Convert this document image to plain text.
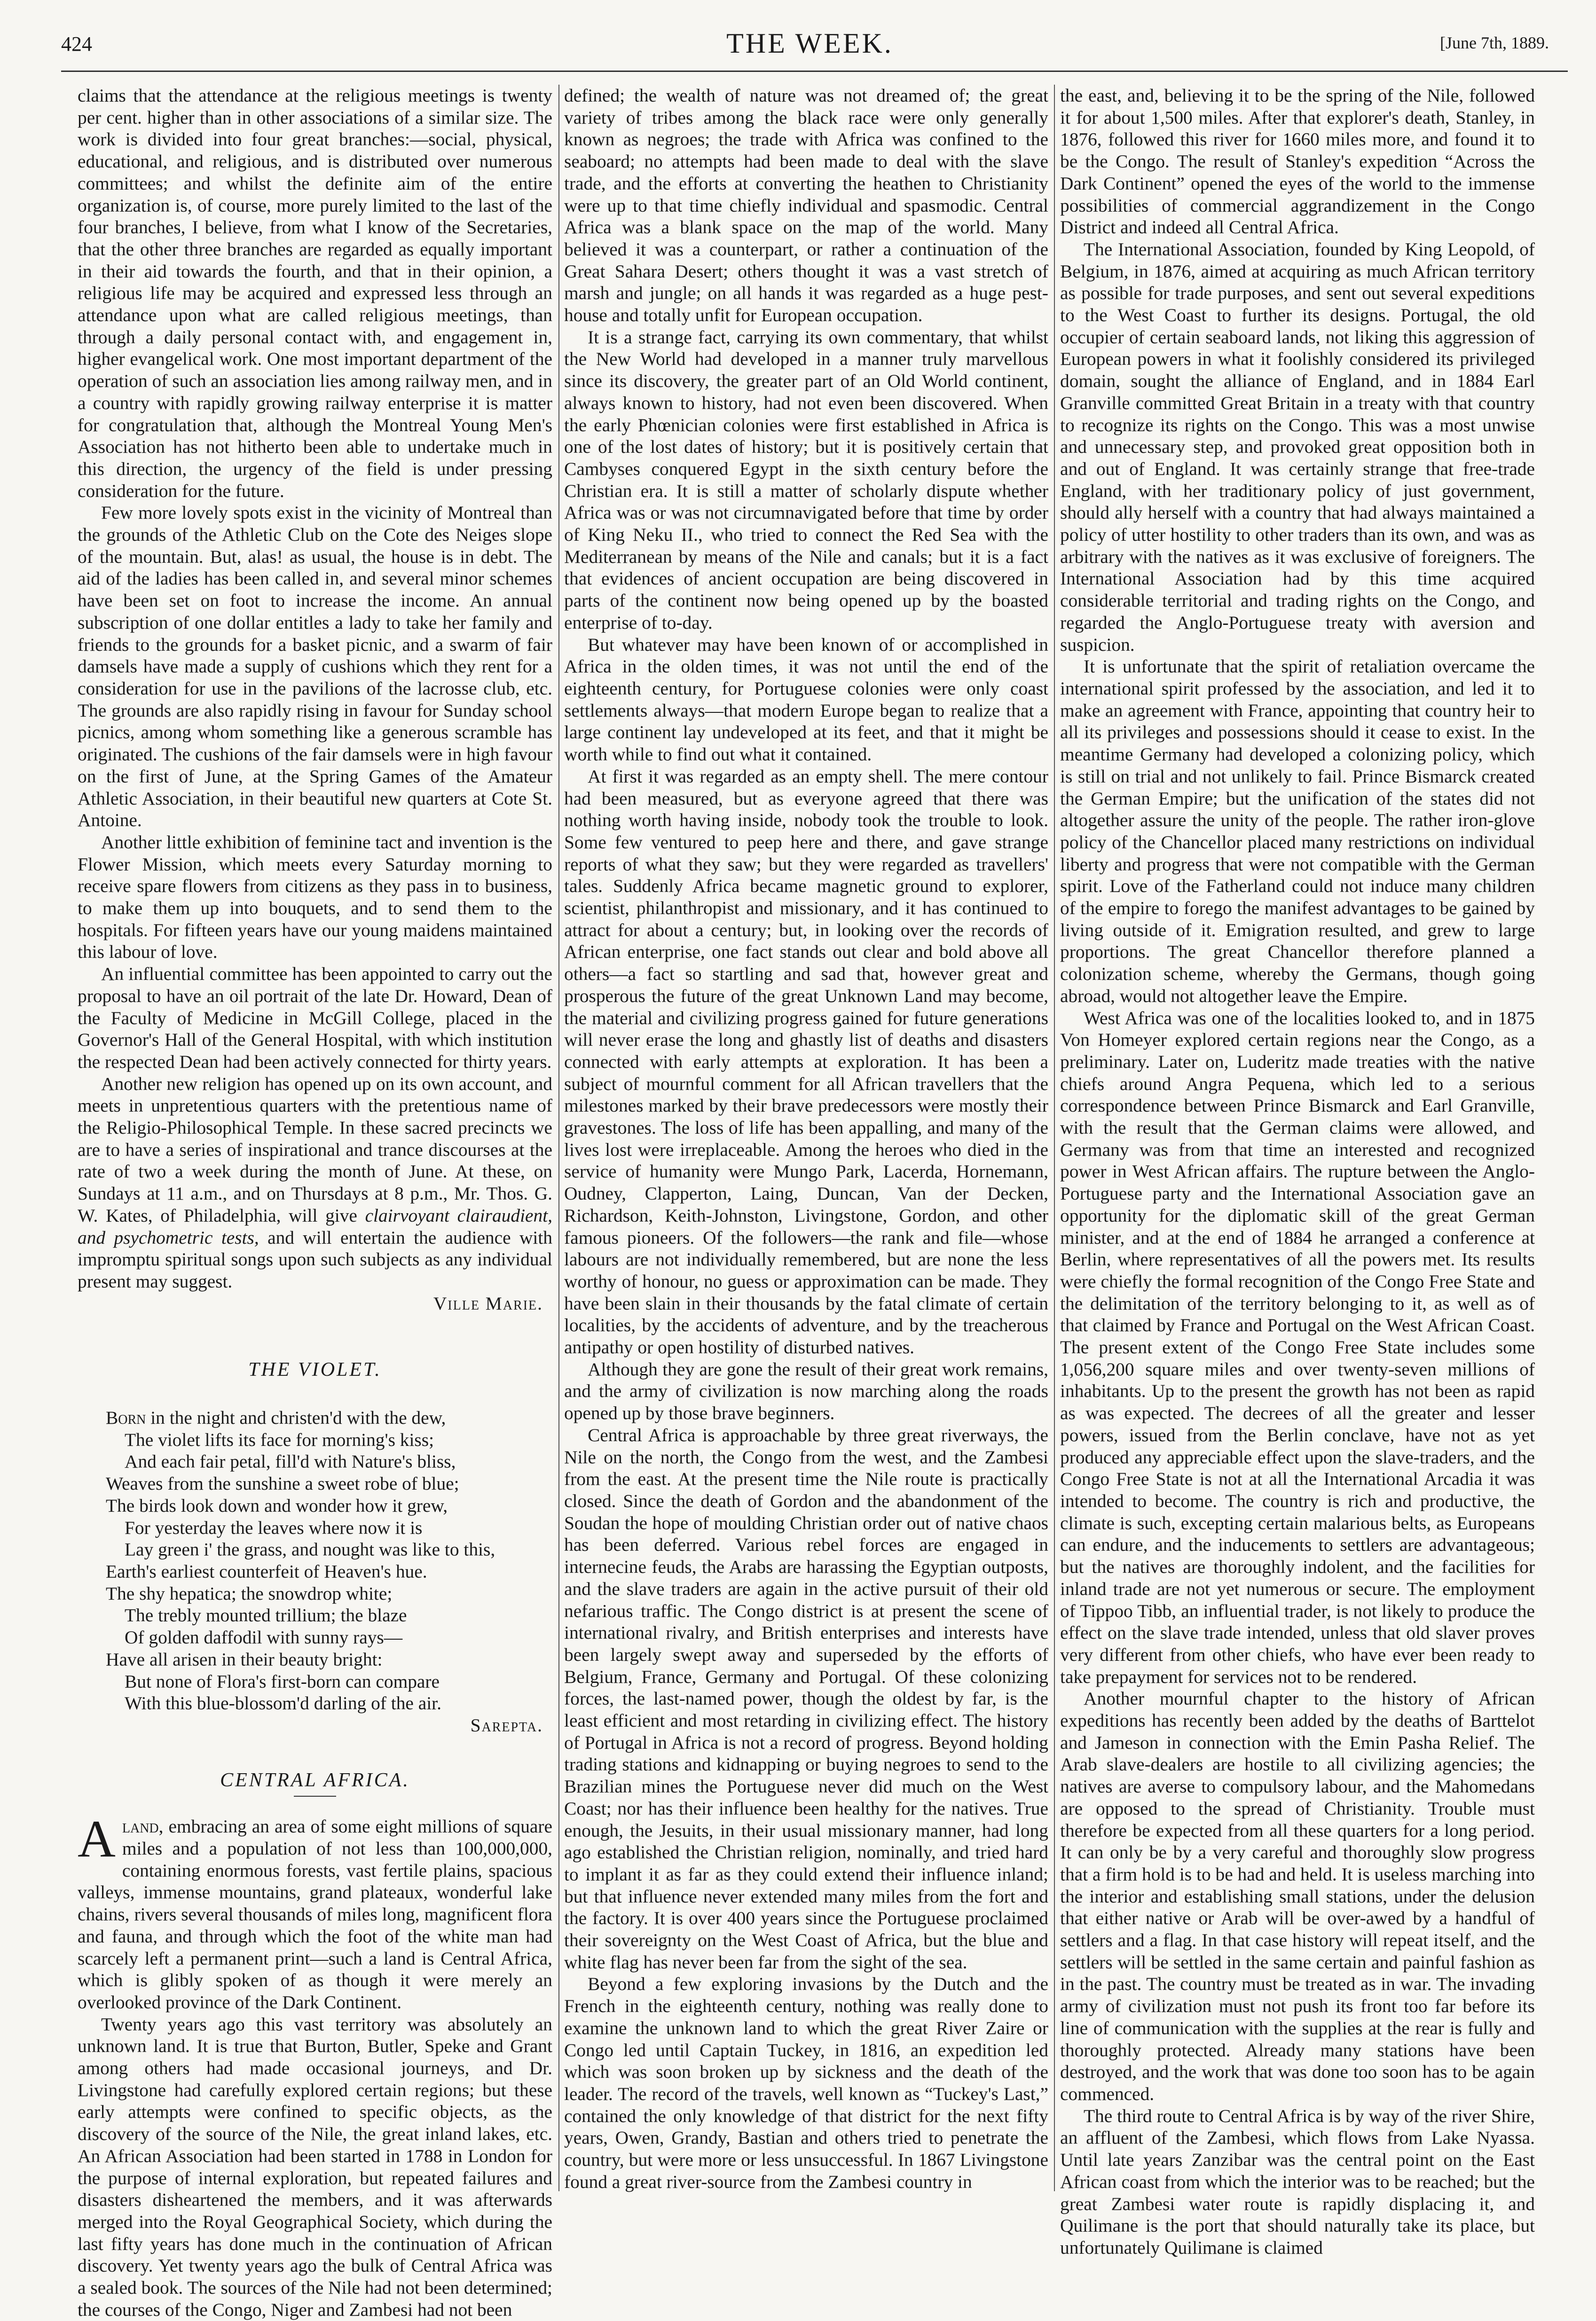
424	THE WEEK.	[June 7th, 1889.

claims that the attendance at the religious meetings is twenty per cent. higher than in other associations of a similar size. The work is divided into four great branches:—social, physical, educational, and religious, and is distributed over numerous committees; and whilst the definite aim of the entire organization is, of course, more purely limited to the last of the four branches, I believe, from what I know of the Secretaries, that the other three branches are regarded as equally important in their aid towards the fourth, and that in their opinion, a religious life may be acquired and expressed less through an attendance upon what are called religious meetings, than through a daily personal contact with, and engagement in, higher evangelical work. One most important department of the operation of such an association lies among railway men, and in a country with rapidly growing railway enterprise it is matter for congratulation that, although the Montreal Young Men's Association has not hitherto been able to undertake much in this direction, the urgency of the field is under pressing consideration for the future.

Few more lovely spots exist in the vicinity of Montreal than the grounds of the Athletic Club on the Cote des Neiges slope of the mountain. But, alas! as usual, the house is in debt. The aid of the ladies has been called in, and several minor schemes have been set on foot to increase the income. An annual subscription of one dollar entitles a lady to take her family and friends to the grounds for a basket picnic, and a swarm of fair damsels have made a supply of cushions which they rent for a consideration for use in the pavilions of the lacrosse club, etc. The grounds are also rapidly rising in favour for Sunday school picnics, among whom something like a generous scramble has originated. The cushions of the fair damsels were in high favour on the first of June, at the Spring Games of the Amateur Athletic Association, in their beautiful new quarters at Cote St. Antoine.

Another little exhibition of feminine tact and invention is the Flower Mission, which meets every Saturday morning to receive spare flowers from citizens as they pass in to business, to make them up into bouquets, and to send them to the hospitals. For fifteen years have our young maidens maintained this labour of love.

An influential committee has been appointed to carry out the proposal to have an oil portrait of the late Dr. Howard, Dean of the Faculty of Medicine in McGill College, placed in the Governor's Hall of the General Hospital, with which institution the respected Dean had been actively connected for thirty years.

Another new religion has opened up on its own account, and meets in unpretentious quarters with the pretentious name of the Religio-Philosophical Temple. In these sacred precincts we are to have a series of inspirational and trance discourses at the rate of two a week during the month of June. At these, on Sundays at 11 a.m., and on Thursdays at 8 p.m., Mr. Thos. G. W. Kates, of Philadelphia, will give clairvoyant clairaudient, and psychometric tests, and will entertain the audience with impromptu spiritual songs upon such subjects as any individual present may suggest.

Ville Marie.

THE VIOLET.
Born in the night and christen'd with the dew,
The violet lifts its face for morning's kiss;
And each fair petal, fill'd with Nature's bliss,
Weaves from the sunshine a sweet robe of blue;
The birds look down and wonder how it grew,
For yesterday the leaves where now it is
Lay green i' the grass, and nought was like to this,
Earth's earliest counterfeit of Heaven's hue.
The shy hepatica; the snowdrop white;
The trebly mounted trillium; the blaze
Of golden daffodil with sunny rays—
Have all arisen in their beauty bright:
But none of Flora's first-born can compare
With this blue-blossom'd darling of the air.

Sarepta.

CENTRAL AFRICA.

Aland, embracing an area of some eight millions of square miles and a population of not less than 100,000,000, containing enormous forests, vast fertile plains, spacious valleys, immense mountains, grand plateaux, wonderful lake chains, rivers several thousands of miles long, magnificent flora and fauna, and through which the foot of the white man had scarcely left a permanent print—such a land is Central Africa, which is glibly spoken of as though it were merely an overlooked province of the Dark Continent.

Twenty years ago this vast territory was absolutely an unknown land. It is true that Burton, Butler, Speke and Grant among others had made occasional journeys, and Dr. Livingstone had carefully explored certain regions; but these early attempts were confined to specific objects, as the discovery of the source of the Nile, the great inland lakes, etc. An African Association had been started in 1788 in London for the purpose of internal exploration, but repeated failures and disasters disheartened the members, and it was afterwards merged into the Royal Geographical Society, which during the last fifty years has done much in the continuation of African discovery. Yet twenty years ago the bulk of Central Africa was a sealed book. The sources of the Nile had not been determined; the courses of the Congo, Niger and Zambesi had not been

defined; the wealth of nature was not dreamed of; the great variety of tribes among the black race were only generally known as negroes; the trade with Africa was confined to the seaboard; no attempts had been made to deal with the slave trade, and the efforts at converting the heathen to Christianity were up to that time chiefly individual and spasmodic. Central Africa was a blank space on the map of the world. Many believed it was a counterpart, or rather a continuation of the Great Sahara Desert; others thought it was a vast stretch of marsh and jungle; on all hands it was regarded as a huge pest-house and totally unfit for European occupation.

It is a strange fact, carrying its own commentary, that whilst the New World had developed in a manner truly marvellous since its discovery, the greater part of an Old World continent, always known to history, had not even been discovered. When the early Phœnician colonies were first established in Africa is one of the lost dates of history; but it is positively certain that Cambyses conquered Egypt in the sixth century before the Christian era. It is still a matter of scholarly dispute whether Africa was or was not circumnavigated before that time by order of King Neku II., who tried to connect the Red Sea with the Mediterranean by means of the Nile and canals; but it is a fact that evidences of ancient occupation are being discovered in parts of the continent now being opened up by the boasted enterprise of to-day.

But whatever may have been known of or accomplished in Africa in the olden times, it was not until the end of the eighteenth century, for Portuguese colonies were only coast settlements always—that modern Europe began to realize that a large continent lay undeveloped at its feet, and that it might be worth while to find out what it contained.

At first it was regarded as an empty shell. The mere contour had been measured, but as everyone agreed that there was nothing worth having inside, nobody took the trouble to look. Some few ventured to peep here and there, and gave strange reports of what they saw; but they were regarded as travellers' tales. Suddenly Africa became magnetic ground to explorer, scientist, philanthropist and missionary, and it has continued to attract for about a century; but, in looking over the records of African enterprise, one fact stands out clear and bold above all others—a fact so startling and sad that, however great and prosperous the future of the great Unknown Land may become, the material and civilizing progress gained for future generations will never erase the long and ghastly list of deaths and disasters connected with early attempts at exploration. It has been a subject of mournful comment for all African travellers that the milestones marked by their brave predecessors were mostly their gravestones. The loss of life has been appalling, and many of the lives lost were irreplaceable. Among the heroes who died in the service of humanity were Mungo Park, Lacerda, Hornemann, Oudney, Clapperton, Laing, Duncan, Van der Decken, Richardson, Keith-Johnston, Livingstone, Gordon, and other famous pioneers. Of the followers—the rank and file—whose labours are not individually remembered, but are none the less worthy of honour, no guess or approximation can be made. They have been slain in their thousands by the fatal climate of certain localities, by the accidents of adventure, and by the treacherous antipathy or open hostility of disturbed natives.

Although they are gone the result of their great work remains, and the army of civilization is now marching along the roads opened up by those brave beginners.

Central Africa is approachable by three great riverways, the Nile on the north, the Congo from the west, and the Zambesi from the east. At the present time the Nile route is practically closed. Since the death of Gordon and the abandonment of the Soudan the hope of moulding Christian order out of native chaos has been deferred. Various rebel forces are engaged in internecine feuds, the Arabs are harassing the Egyptian outposts, and the slave traders are again in the active pursuit of their old nefarious traffic. The Congo district is at present the scene of international rivalry, and British enterprises and interests have been largely swept away and superseded by the efforts of Belgium, France, Germany and Portugal. Of these colonizing forces, the last-named power, though the oldest by far, is the least efficient and most retarding in civilizing effect. The history of Portugal in Africa is not a record of progress. Beyond holding trading stations and kidnapping or buying negroes to send to the Brazilian mines the Portuguese never did much on the West Coast; nor has their influence been healthy for the natives. True enough, the Jesuits, in their usual missionary manner, had long ago established the Christian religion, nominally, and tried hard to implant it as far as they could extend their influence inland; but that influence never extended many miles from the fort and the factory. It is over 400 years since the Portuguese proclaimed their sovereignty on the West Coast of Africa, but the blue and white flag has never been far from the sight of the sea.

Beyond a few exploring invasions by the Dutch and the French in the eighteenth century, nothing was really done to examine the unknown land to which the great River Zaire or Congo led until Captain Tuckey, in 1816, an expedition led which was soon broken up by sickness and the death of the leader. The record of the travels, well known as “Tuckey's Last,” contained the only knowledge of that district for the next fifty years, Owen, Grandy, Bastian and others tried to penetrate the country, but were more or less unsuccessful. In 1867 Livingstone found a great river-source from the Zambesi country in

the east, and, believing it to be the spring of the Nile, followed it for about 1,500 miles. After that explorer's death, Stanley, in 1876, followed this river for 1660 miles more, and found it to be the Congo. The result of Stanley's expedition “Across the Dark Continent” opened the eyes of the world to the immense possibilities of commercial aggrandizement in the Congo District and indeed all Central Africa.

The International Association, founded by King Leopold, of Belgium, in 1876, aimed at acquiring as much African territory as possible for trade purposes, and sent out several expeditions to the West Coast to further its designs. Portugal, the old occupier of certain seaboard lands, not liking this aggression of European powers in what it foolishly considered its privileged domain, sought the alliance of England, and in 1884 Earl Granville committed Great Britain in a treaty with that country to recognize its rights on the Congo. This was a most unwise and unnecessary step, and provoked great opposition both in and out of England. It was certainly strange that free-trade England, with her traditionary policy of just government, should ally herself with a country that had always maintained a policy of utter hostility to other traders than its own, and was as arbitrary with the natives as it was exclusive of foreigners. The International Association had by this time acquired considerable territorial and trading rights on the Congo, and regarded the Anglo-Portuguese treaty with aversion and suspicion.

It is unfortunate that the spirit of retaliation overcame the international spirit professed by the association, and led it to make an agreement with France, appointing that country heir to all its privileges and possessions should it cease to exist. In the meantime Germany had developed a colonizing policy, which is still on trial and not unlikely to fail. Prince Bismarck created the German Empire; but the unification of the states did not altogether assure the unity of the people. The rather iron-glove policy of the Chancellor placed many restrictions on individual liberty and progress that were not compatible with the German spirit. Love of the Fatherland could not induce many children of the empire to forego the manifest advantages to be gained by living outside of it. Emigration resulted, and grew to large proportions. The great Chancellor therefore planned a colonization scheme, whereby the Germans, though going abroad, would not altogether leave the Empire.

West Africa was one of the localities looked to, and in 1875 Von Homeyer explored certain regions near the Congo, as a preliminary. Later on, Luderitz made treaties with the native chiefs around Angra Pequena, which led to a serious correspondence between Prince Bismarck and Earl Granville, with the result that the German claims were allowed, and Germany was from that time an interested and recognized power in West African affairs. The rupture between the Anglo-Portuguese party and the International Association gave an opportunity for the diplomatic skill of the great German minister, and at the end of 1884 he arranged a conference at Berlin, where representatives of all the powers met. Its results were chiefly the formal recognition of the Congo Free State and the delimitation of the territory belonging to it, as well as of that claimed by France and Portugal on the West African Coast. The present extent of the Congo Free State includes some 1,056,200 square miles and over twenty-seven millions of inhabitants. Up to the present the growth has not been as rapid as was expected. The decrees of all the greater and lesser powers, issued from the Berlin conclave, have not as yet produced any appreciable effect upon the slave-traders, and the Congo Free State is not at all the International Arcadia it was intended to become. The country is rich and productive, the climate is such, excepting certain malarious belts, as Europeans can endure, and the inducements to settlers are advantageous; but the natives are thoroughly indolent, and the facilities for inland trade are not yet numerous or secure. The employment of Tippoo Tibb, an influential trader, is not likely to produce the effect on the slave trade intended, unless that old slaver proves very different from other chiefs, who have ever been ready to take prepayment for services not to be rendered.

Another mournful chapter to the history of African expeditions has recently been added by the deaths of Barttelot and Jameson in connection with the Emin Pasha Relief. The Arab slave-dealers are hostile to all civilizing agencies; the natives are averse to compulsory labour, and the Mahomedans are opposed to the spread of Christianity. Trouble must therefore be expected from all these quarters for a long period. It can only be by a very careful and thoroughly slow progress that a firm hold is to be had and held. It is useless marching into the interior and establishing small stations, under the delusion that either native or Arab will be over-awed by a handful of settlers and a flag. In that case history will repeat itself, and the settlers will be settled in the same certain and painful fashion as in the past. The country must be treated as in war. The invading army of civilization must not push its front too far before its line of communication with the supplies at the rear is fully and thoroughly protected. Already many stations have been destroyed, and the work that was done too soon has to be again commenced.

The third route to Central Africa is by way of the river Shire, an affluent of the Zambesi, which flows from Lake Nyassa. Until late years Zanzibar was the central point on the East African coast from which the interior was to be reached; but the great Zambesi water route is rapidly displacing it, and Quilimane is the port that should naturally take its place, but unfortunately Quilimane is claimed
